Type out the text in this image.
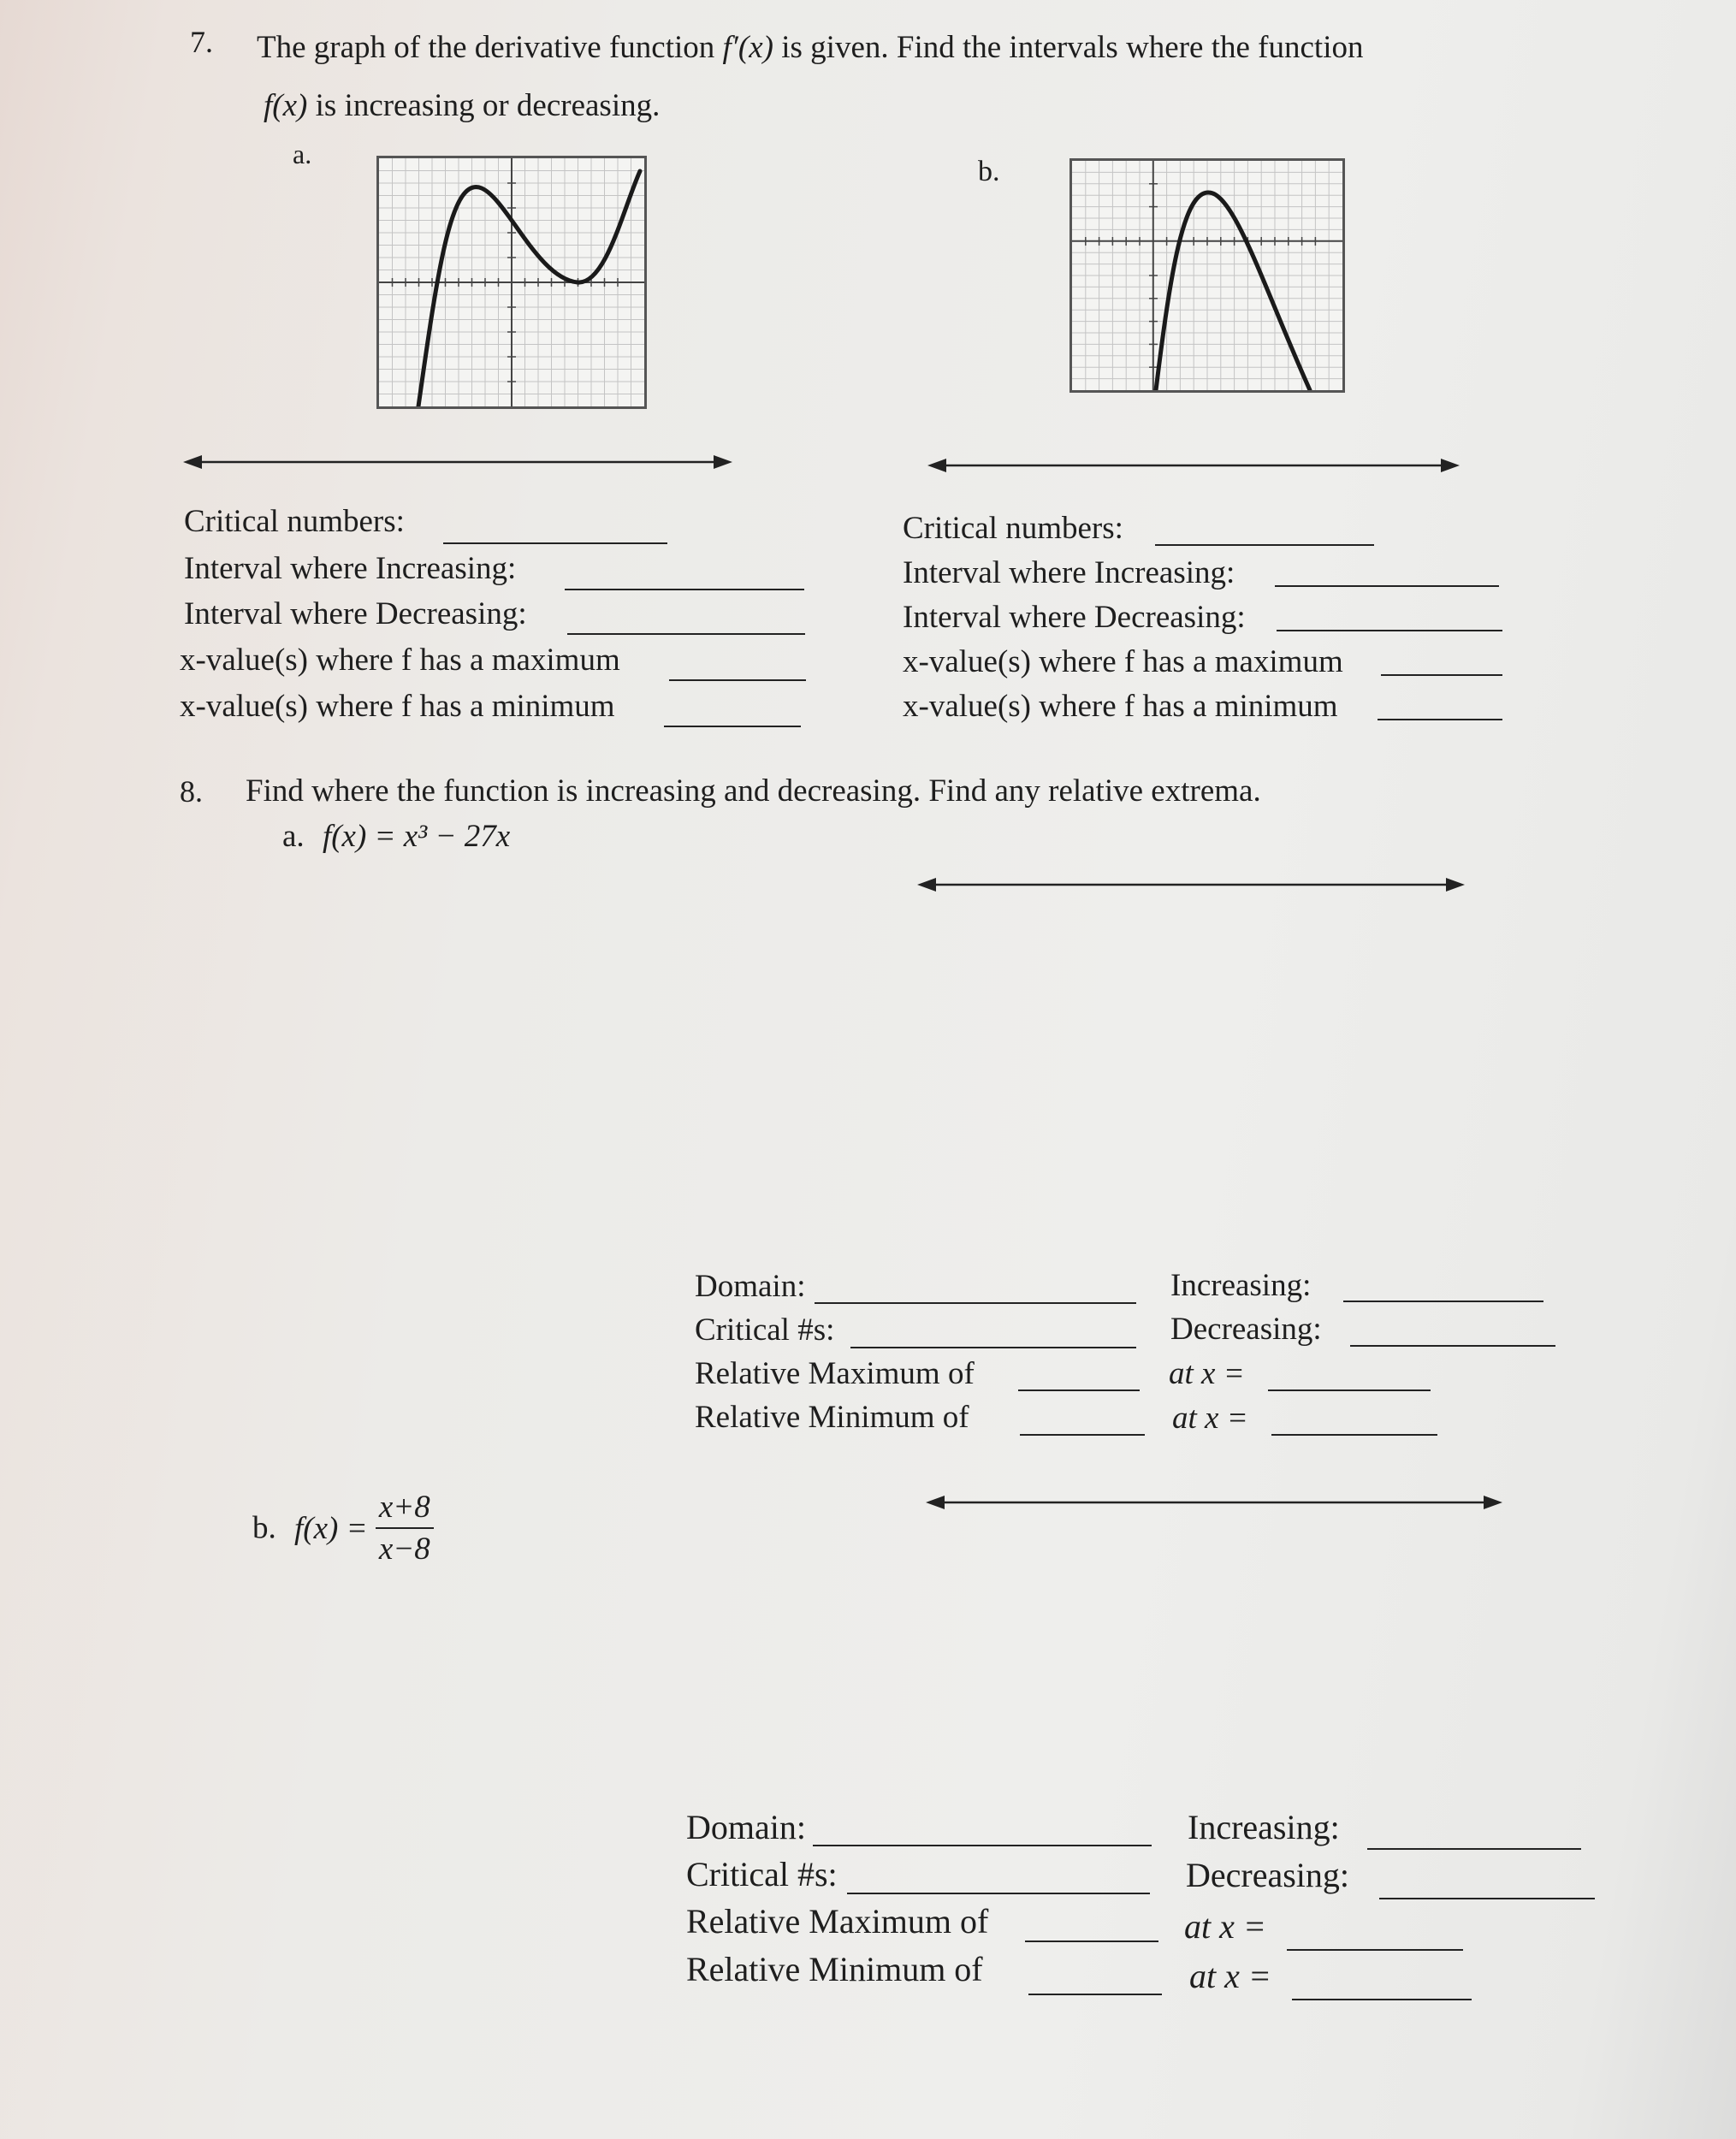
7. The graph of the derivative function f′(x) is given. Find the intervals where the function
f(x) is increasing or decreasing.
a.
b.
Critical numbers:
Interval where Increasing:
Interval where Decreasing:
x-value(s) where f has a maximum
x-value(s) where f has a minimum
Critical numbers:
Interval where Increasing:
Interval where Decreasing:
x-value(s) where f has a maximum
x-value(s) where f has a minimum
8. Find where the function is increasing and decreasing. Find any relative extrema.
a. f(x) = x³ − 27x
Domain:
Critical #s:
Relative Maximum of
Relative Minimum of
Increasing:
Decreasing:
at x =
at x =
b. $f(x) = \frac{x+8}{x-8}$
Domain:
Critical #s:
Relative Maximum of
Relative Minimum of
Increasing:
Decreasing:
at x =
at x =
